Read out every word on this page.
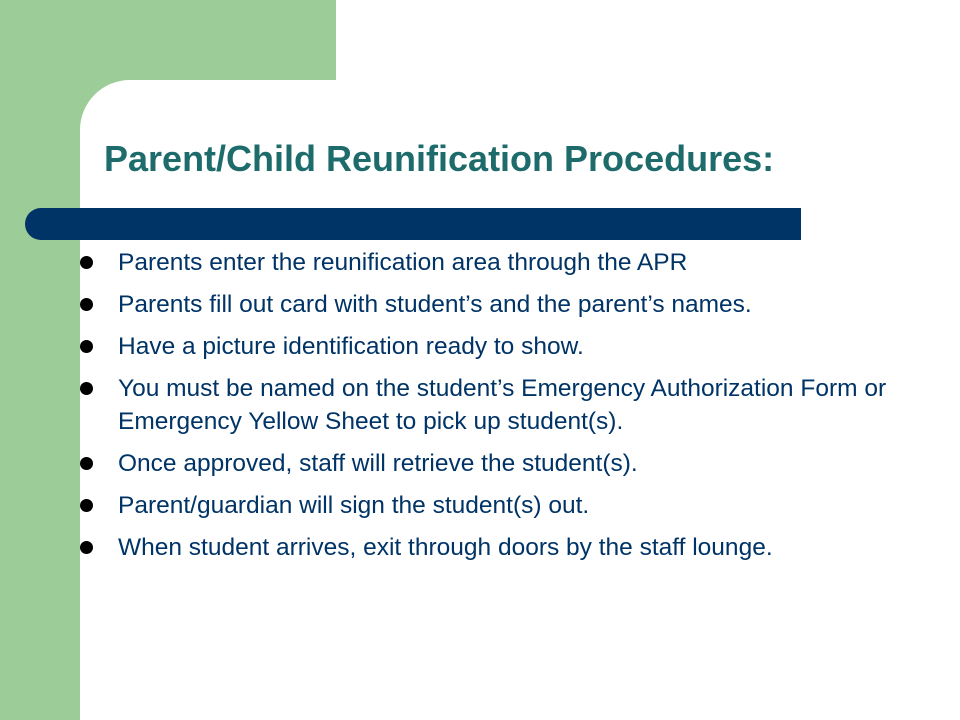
Parent/Child Reunification Procedures:
Parents enter the reunification area through the APR
Parents fill out card with student’s and the parent’s names.
Have a picture identification ready to show.
You must be named on the student’s Emergency Authorization Form or Emergency Yellow Sheet to pick up student(s).
Once approved, staff will retrieve the student(s).
Parent/guardian will sign the student(s) out.
When student arrives, exit through doors by the staff lounge.
